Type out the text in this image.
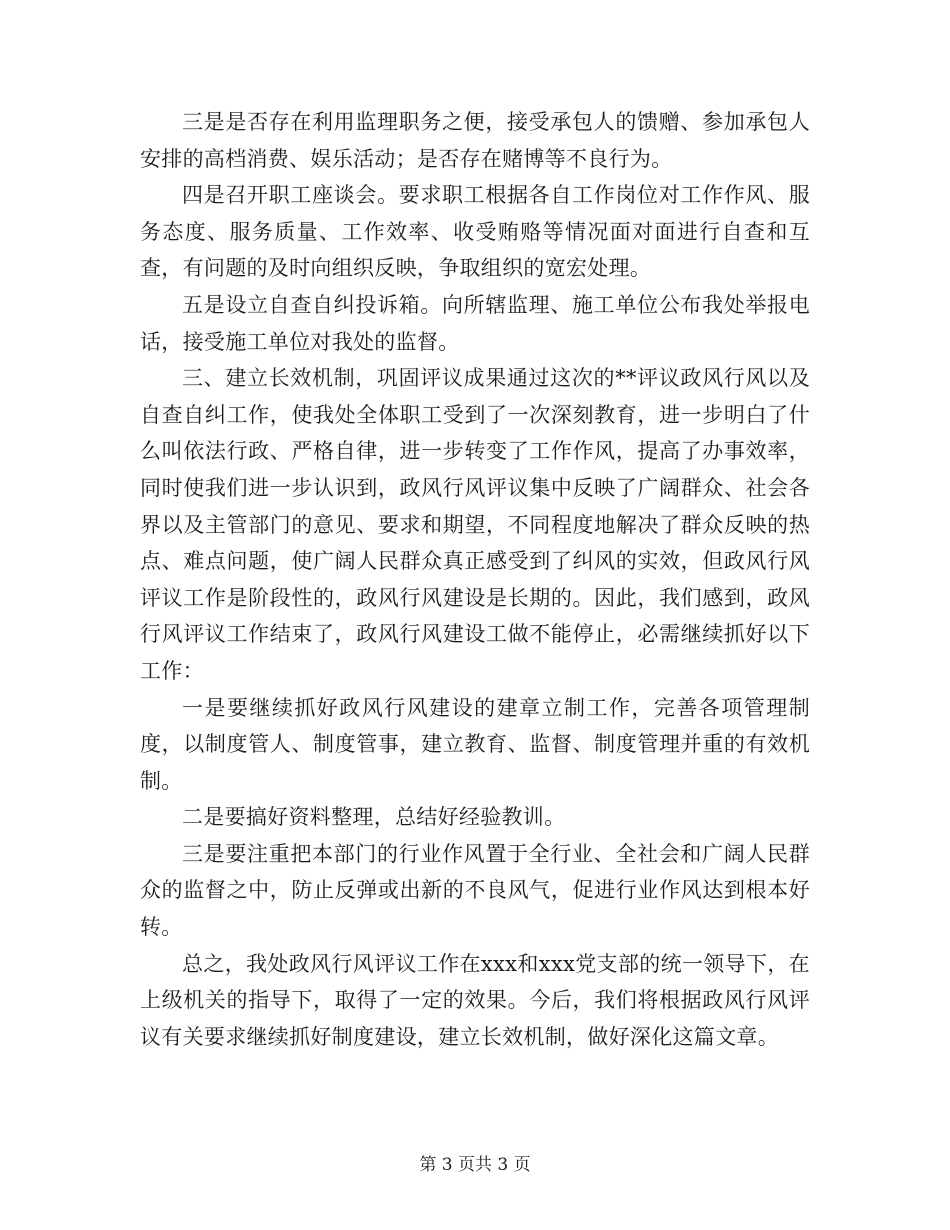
三是是否存在利用监理职务之便，接受承包人的馈赠、参加承包人安排的高档消费、娱乐活动；是否存在赌博等不良行为。

四是召开职工座谈会。要求职工根据各自工作岗位对工作作风、服务态度、服务质量、工作效率、收受贿赂等情况面对面进行自查和互查，有问题的及时向组织反映，争取组织的宽宏处理。

五是设立自查自纠投诉箱。向所辖监理、施工单位公布我处举报电话，接受施工单位对我处的监督。

三、建立长效机制，巩固评议成果通过这次的**评议政风行风以及自查自纠工作，使我处全体职工受到了一次深刻教育，进一步明白了什么叫依法行政、严格自律，进一步转变了工作作风，提高了办事效率，同时使我们进一步认识到，政风行风评议集中反映了广阔群众、社会各界以及主管部门的意见、要求和期望，不同程度地解决了群众反映的热点、难点问题，使广阔人民群众真正感受到了纠风的实效，但政风行风评议工作是阶段性的，政风行风建设是长期的。因此，我们感到，政风行风评议工作结束了，政风行风建设工做不能停止，必需继续抓好以下工作：

一是要继续抓好政风行风建设的建章立制工作，完善各项管理制度，以制度管人、制度管事，建立教育、监督、制度管理并重的有效机制。

二是要搞好资料整理，总结好经验教训。

三是要注重把本部门的行业作风置于全行业、全社会和广阔人民群众的监督之中，防止反弹或出新的不良风气，促进行业作风达到根本好转。

总之，我处政风行风评议工作在xxx和xxx党支部的统一领导下，在上级机关的指导下，取得了一定的效果。今后，我们将根据政风行风评议有关要求继续抓好制度建设，建立长效机制，做好深化这篇文章。

第 3 页共 3 页
